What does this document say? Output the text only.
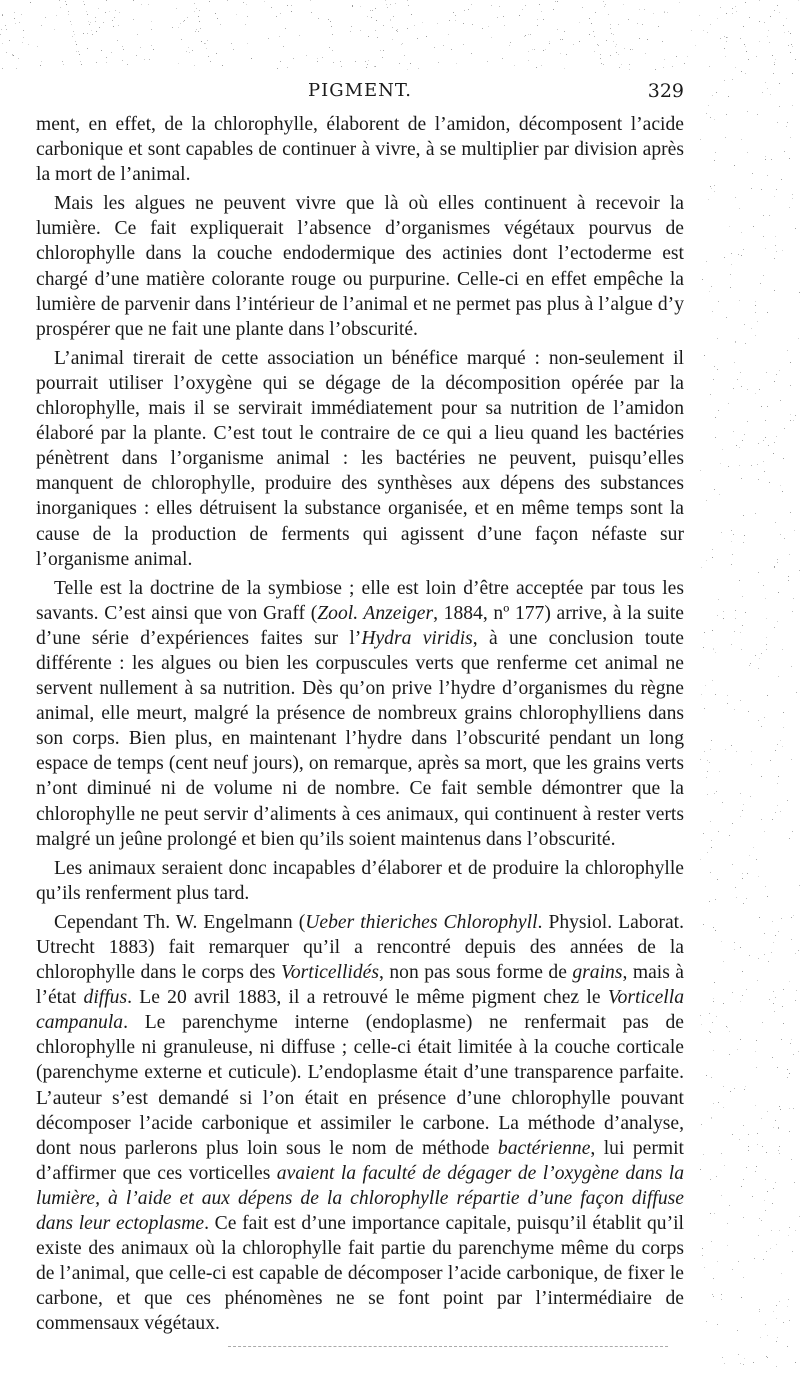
PIGMENT.	329

ment, en effet, de la chlorophylle, élaborent de l’amidon, décomposent l’acide carbonique et sont capables de continuer à vivre, à se multiplier par division après la mort de l’animal.

Mais les algues ne peuvent vivre que là où elles continuent à recevoir la lumière. Ce fait expliquerait l’absence d’organismes végétaux pourvus de chlorophylle dans la couche endodermique des actinies dont l’ectoderme est chargé d’une matière colorante rouge ou purpurine. Celle-ci en effet empêche la lumière de parvenir dans l’intérieur de l’animal et ne permet pas plus à l’algue d’y prospérer que ne fait une plante dans l’obscurité.

L’animal tirerait de cette association un bénéfice marqué : non-seulement il pourrait utiliser l’oxygène qui se dégage de la décomposition opérée par la chlorophylle, mais il se servirait immédiatement pour sa nutrition de l’amidon élaboré par la plante. C’est tout le contraire de ce qui a lieu quand les bactéries pénètrent dans l’organisme animal : les bactéries ne peuvent, puisqu’elles manquent de chlorophylle, produire des synthèses aux dépens des substances inorganiques : elles détruisent la substance organisée, et en même temps sont la cause de la production de ferments qui agissent d’une façon néfaste sur l’organisme animal.

Telle est la doctrine de la symbiose ; elle est loin d’être acceptée par tous les savants. C’est ainsi que von Graff (Zool. Anzeiger, 1884, nº 177) arrive, à la suite d’une série d’expériences faites sur l’Hydra viridis, à une conclusion toute différente : les algues ou bien les corpuscules verts que renferme cet animal ne servent nullement à sa nutrition. Dès qu’on prive l’hydre d’organismes du règne animal, elle meurt, malgré la présence de nombreux grains chlorophylliens dans son corps. Bien plus, en maintenant l’hydre dans l’obscurité pendant un long espace de temps (cent neuf jours), on remarque, après sa mort, que les grains verts n’ont diminué ni de volume ni de nombre. Ce fait semble démontrer que la chlorophylle ne peut servir d’aliments à ces animaux, qui continuent à rester verts malgré un jeûne prolongé et bien qu’ils soient maintenus dans l’obscurité.

Les animaux seraient donc incapables d’élaborer et de produire la chlorophylle qu’ils renferment plus tard.

Cependant Th. W. Engelmann (Ueber thieriches Chlorophyll. Physiol. Laborat. Utrecht 1883) fait remarquer qu’il a rencontré depuis des années de la chlorophylle dans le corps des Vorticellidés, non pas sous forme de grains, mais à l’état diffus. Le 20 avril 1883, il a retrouvé le même pigment chez le Vorticella campanula. Le parenchyme interne (endoplasme) ne renfermait pas de chlorophylle ni granuleuse, ni diffuse ; celle-ci était limitée à la couche corticale (parenchyme externe et cuticule). L’endoplasme était d’une transparence parfaite. L’auteur s’est demandé si l’on était en présence d’une chlorophylle pouvant décomposer l’acide carbonique et assimiler le carbone. La méthode d’analyse, dont nous parlerons plus loin sous le nom de méthode bactérienne, lui permit d’affirmer que ces vorticelles avaient la faculté de dégager de l’oxygène dans la lumière, à l’aide et aux dépens de la chlorophylle répartie d’une façon diffuse dans leur ectoplasme. Ce fait est d’une importance capitale, puisqu’il établit qu’il existe des animaux où la chlorophylle fait partie du parenchyme même du corps de l’animal, que celle-ci est capable de décomposer l’acide carbonique, de fixer le carbone, et que ces phénomènes ne se font point par l’intermédiaire de commensaux végétaux.
